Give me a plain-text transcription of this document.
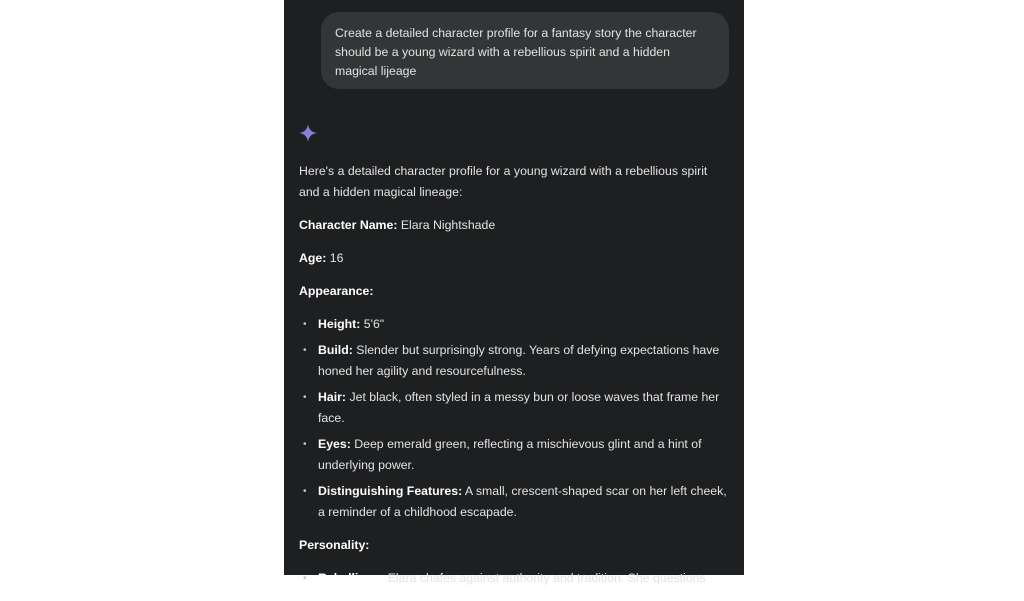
Create a detailed character profile for a fantasy story the character should be a young wizard with a rebellious spirit and a hidden magical lijeage

Here's a detailed character profile for a young wizard with a rebellious spirit and a hidden magical lineage:

Character Name: Elara Nightshade

Age: 16

Appearance:

• Height: 5'6"
• Build: Slender but surprisingly strong. Years of defying expectations have honed her agility and resourcefulness.
• Hair: Jet black, often styled in a messy bun or loose waves that frame her face.
• Eyes: Deep emerald green, reflecting a mischievous glint and a hint of underlying power.
• Distinguishing Features: A small, crescent-shaped scar on her left cheek, a reminder of a childhood escapade.

Personality:

• Rebellious: Elara chafes against authority and tradition. She questions
